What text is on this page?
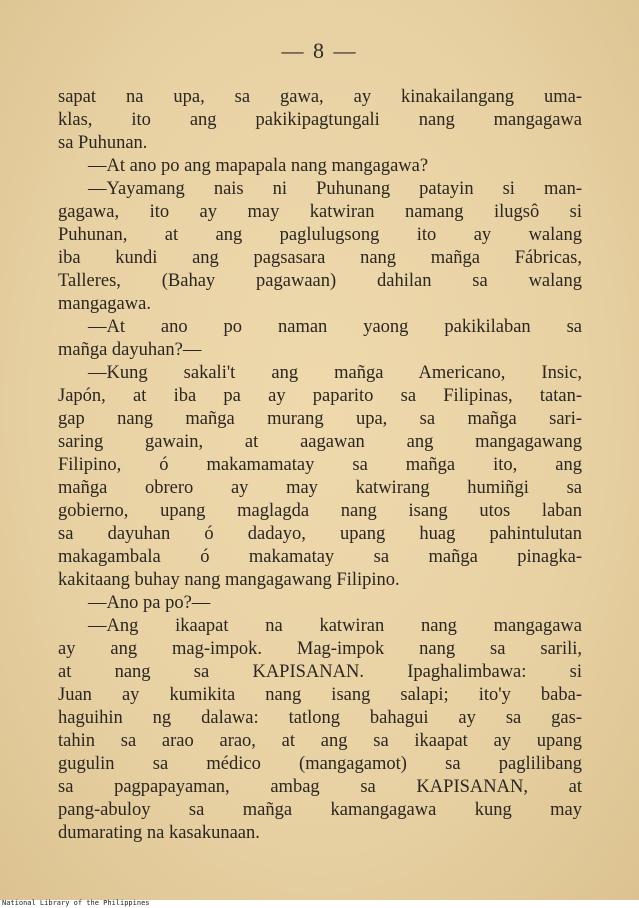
— 8 —
sapat na upa, sa gawa, ay kinakailangang uma-
klas, ito ang pakikipagtungali nang mangagawa
sa Puhunan.
—At ano po ang mapapala nang mangagawa?
—Yayamang nais ni Puhunang patayin si man-
gagawa, ito ay may katwiran namang ilugsô si
Puhunan, at ang paglulugsong ito ay walang
iba kundi ang pagsasara nang mañga Fábricas,
Talleres, (Bahay pagawaan) dahilan sa walang
mangagawa.
—At ano po naman yaong pakikilaban sa
mañga dayuhan?—
—Kung sakali't ang mañga Americano, Insic,
Japón, at iba pa ay paparito sa Filipinas, tatan-
gap nang mañga murang upa, sa mañga sari-
saring gawain, at aagawan ang mangagawang
Filipino, ó makamamatay sa mañga ito, ang
mañga obrero ay may katwirang humiñgi sa
gobierno, upang maglagda nang isang utos laban
sa dayuhan ó dadayo, upang huag pahintulutan
makagambala ó makamatay sa mañga pinagka-
kakitaang buhay nang mangagawang Filipino.
—Ano pa po?—
—Ang ikaapat na katwiran nang mangagawa
ay ang mag-impok. Mag-impok nang sa sarili,
at nang sa KAPISANAN. Ipaghalimbawa: si
Juan ay kumikita nang isang salapi; ito'y baba-
haguihin ng dalawa: tatlong bahagui ay sa gas-
tahin sa arao arao, at ang sa ikaapat ay upang
gugulin sa médico (mangagamot) sa paglilibang
sa pagpapayaman, ambag sa KAPISANAN, at
pang-abuloy sa mañga kamangagawa kung may
dumarating na kasakunaan.
National Library of the Philippines
